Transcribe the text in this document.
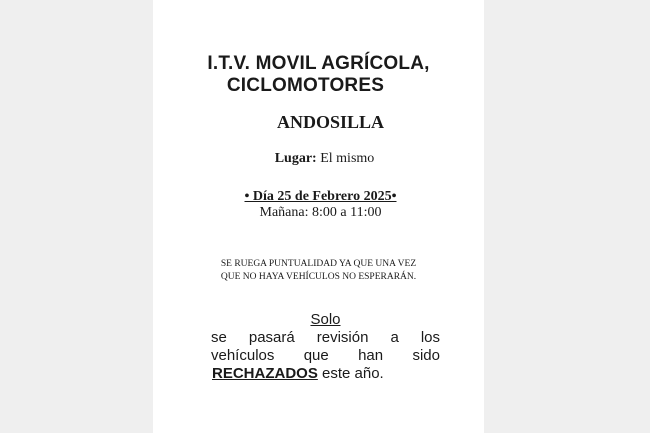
I.T.V. MOVIL AGRÍCOLA,
CICLOMOTORES
ANDOSILLA
Lugar: El mismo
• Día 25 de Febrero 2025•
Mañana: 8:00 a 11:00
SE RUEGA PUNTUALIDAD YA QUE UNA VEZ
QUE NO HAYA VEHÍCULOS NO ESPERARÁN.
Solo
se pasará revisión a los
vehículos que han sido
RECHAZADOS este año.
